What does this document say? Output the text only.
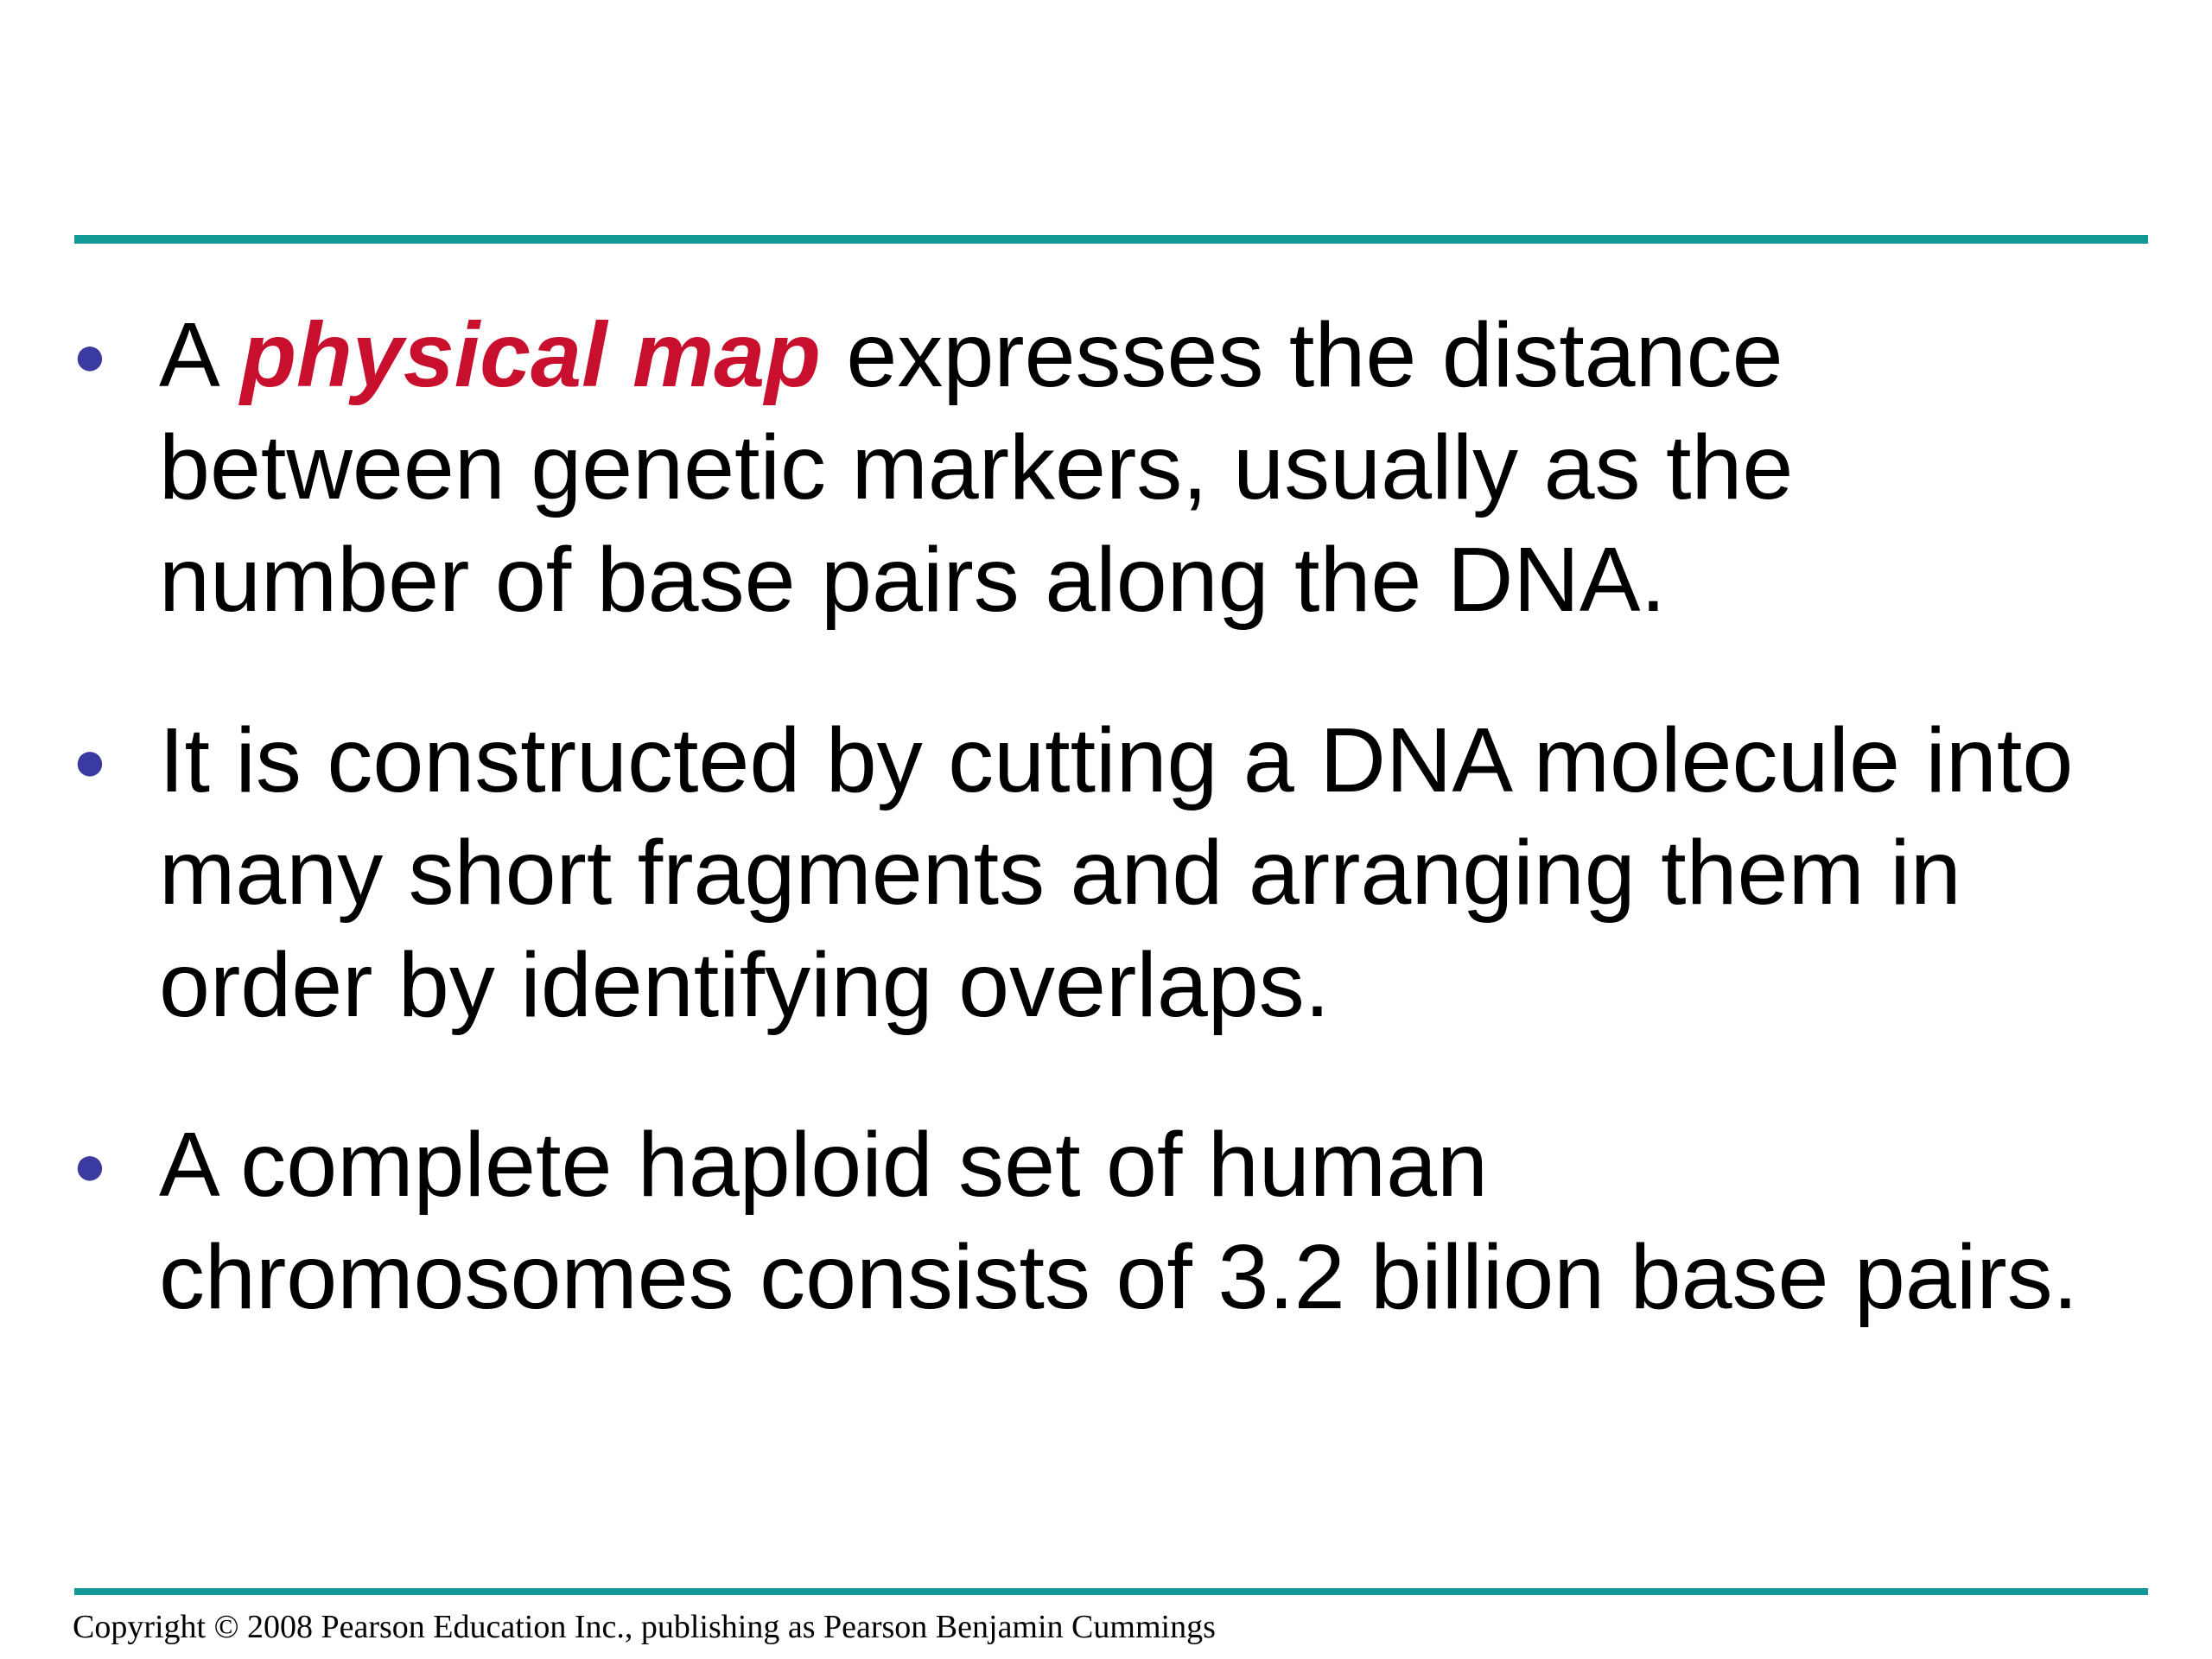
● A physical map expresses the distance
between genetic markers, usually as the
number of base pairs along the DNA.
● It is constructed by cutting a DNA molecule into
many short fragments and arranging them in
order by identifying overlaps.
● A complete haploid set of human
chromosomes consists of 3.2 billion base pairs.
Copyright © 2008 Pearson Education Inc., publishing as Pearson Benjamin Cummings
